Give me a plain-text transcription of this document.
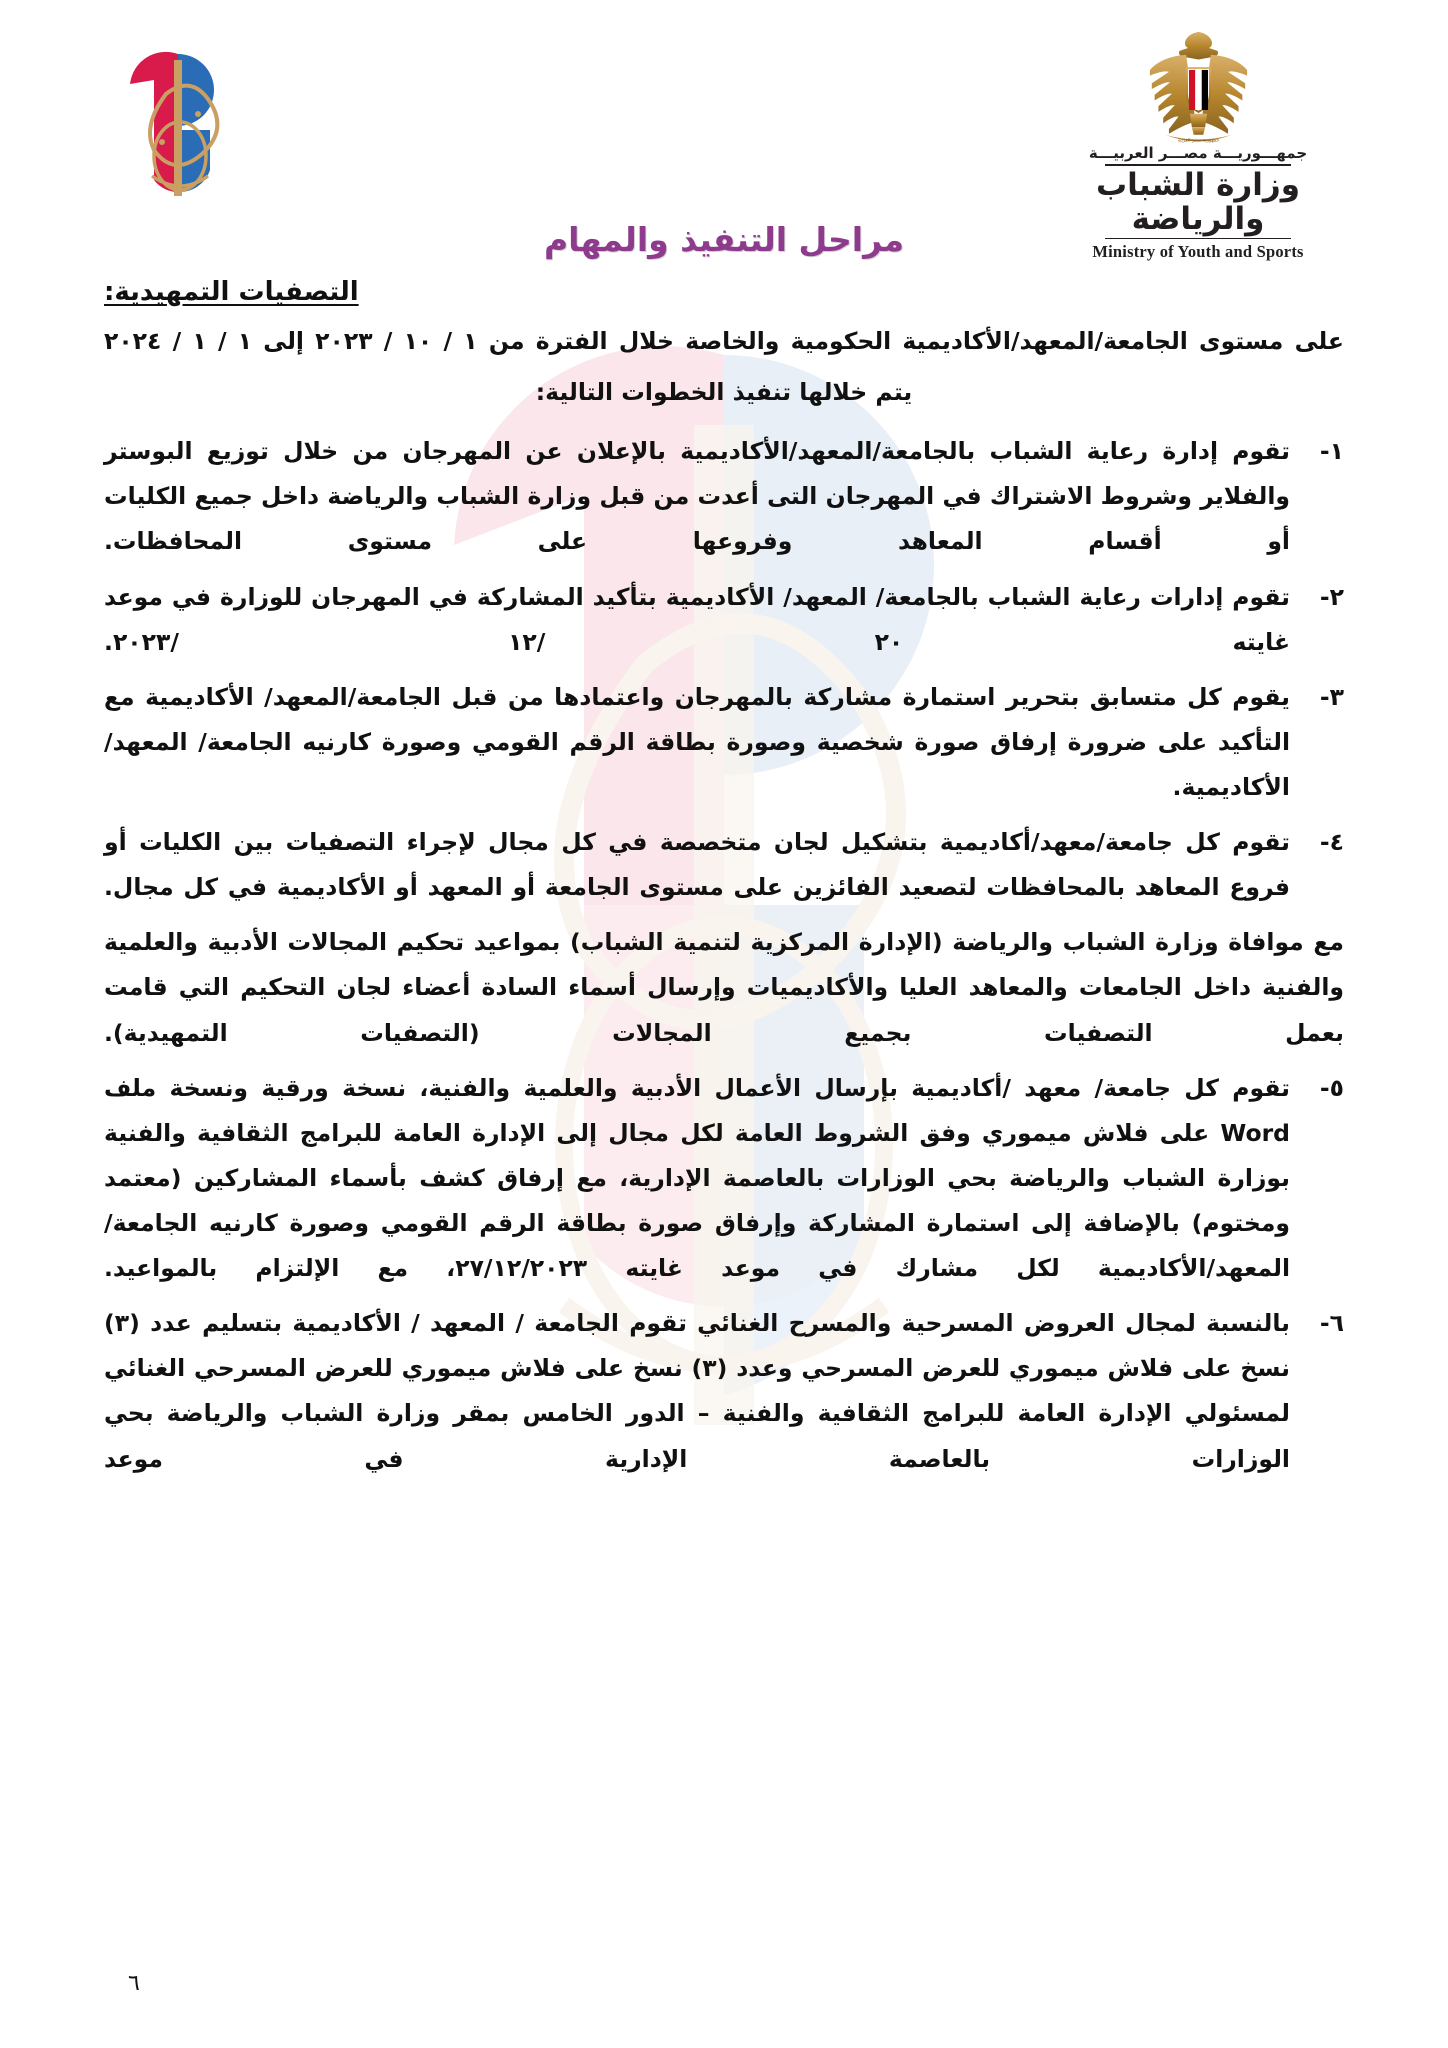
جمهورية مصر العربية
جمهـــوريـــة مصـــر العربيـــة
وزارة الشباب والرياضة
Ministry of Youth and Sports
مراحل التنفيذ والمهام
التصفيات التمهيدية:

على مستوى الجامعة/المعهد/الأكاديمية الحكومية والخاصة خلال الفترة من ١ / ١٠ / ٢٠٢٣ إلى ١ / ١ / ٢٠٢٤

يتم خلالها تنفيذ الخطوات التالية:

١-
تقوم إدارة رعاية الشباب بالجامعة/المعهد/الأكاديمية بالإعلان عن المهرجان من خلال توزيع البوستر والفلاير وشروط الاشتراك في المهرجان التى أعدت من قبل وزارة الشباب والرياضة داخل جميع الكليات أو أقسام المعاهد وفروعها على مستوى المحافظات.
٢-
تقوم إدارات رعاية الشباب بالجامعة/ المعهد/ الأكاديمية بتأكيد المشاركة في المهرجان للوزارة في موعد غايته ٢٠ /١٢ /٢٠٢٣.
٣-
يقوم كل متسابق بتحرير استمارة مشاركة بالمهرجان واعتمادها من قبل الجامعة/المعهد/ الأكاديمية مع التأكيد على ضرورة إرفاق صورة شخصية وصورة بطاقة الرقم القومي وصورة كارنيه الجامعة/ المعهد/ الأكاديمية.
٤-
تقوم كل جامعة/معهد/أكاديمية بتشكيل لجان متخصصة في كل مجال لإجراء التصفيات بين الكليات أو فروع المعاهد بالمحافظات لتصعيد الفائزين على مستوى الجامعة أو المعهد أو الأكاديمية في كل مجال.

مع موافاة وزارة الشباب والرياضة (الإدارة المركزية لتنمية الشباب) بمواعيد تحكيم المجالات الأدبية والعلمية والفنية داخل الجامعات والمعاهد العليا والأكاديميات وإرسال أسماء السادة أعضاء لجان التحكيم التي قامت بعمل التصفيات بجميع المجالات (التصفيات التمهيدية).

٥-
تقوم كل جامعة/ معهد /أكاديمية بإرسال الأعمال الأدبية والعلمية والفنية، نسخة ورقية ونسخة ملف Word على فلاش ميموري وفق الشروط العامة لكل مجال إلى الإدارة العامة للبرامج الثقافية والفنية بوزارة الشباب والرياضة بحي الوزارات بالعاصمة الإدارية، مع إرفاق كشف بأسماء المشاركين (معتمد ومختوم) بالإضافة إلى استمارة المشاركة وإرفاق صورة بطاقة الرقم القومي وصورة كارنيه الجامعة/المعهد/الأكاديمية لكل مشارك في موعد غايته ٢٧/١٢/٢٠٢٣، مع الإلتزام بالمواعيد.
٦-
بالنسبة لمجال العروض المسرحية والمسرح الغنائي تقوم الجامعة / المعهد / الأكاديمية بتسليم عدد (٣) نسخ على فلاش ميموري للعرض المسرحي وعدد (٣) نسخ على فلاش ميموري للعرض المسرحي الغنائي لمسئولي الإدارة العامة للبرامج الثقافية والفنية – الدور الخامس بمقر وزارة الشباب والرياضة بحي الوزارات بالعاصمة الإدارية في موعد
٦
